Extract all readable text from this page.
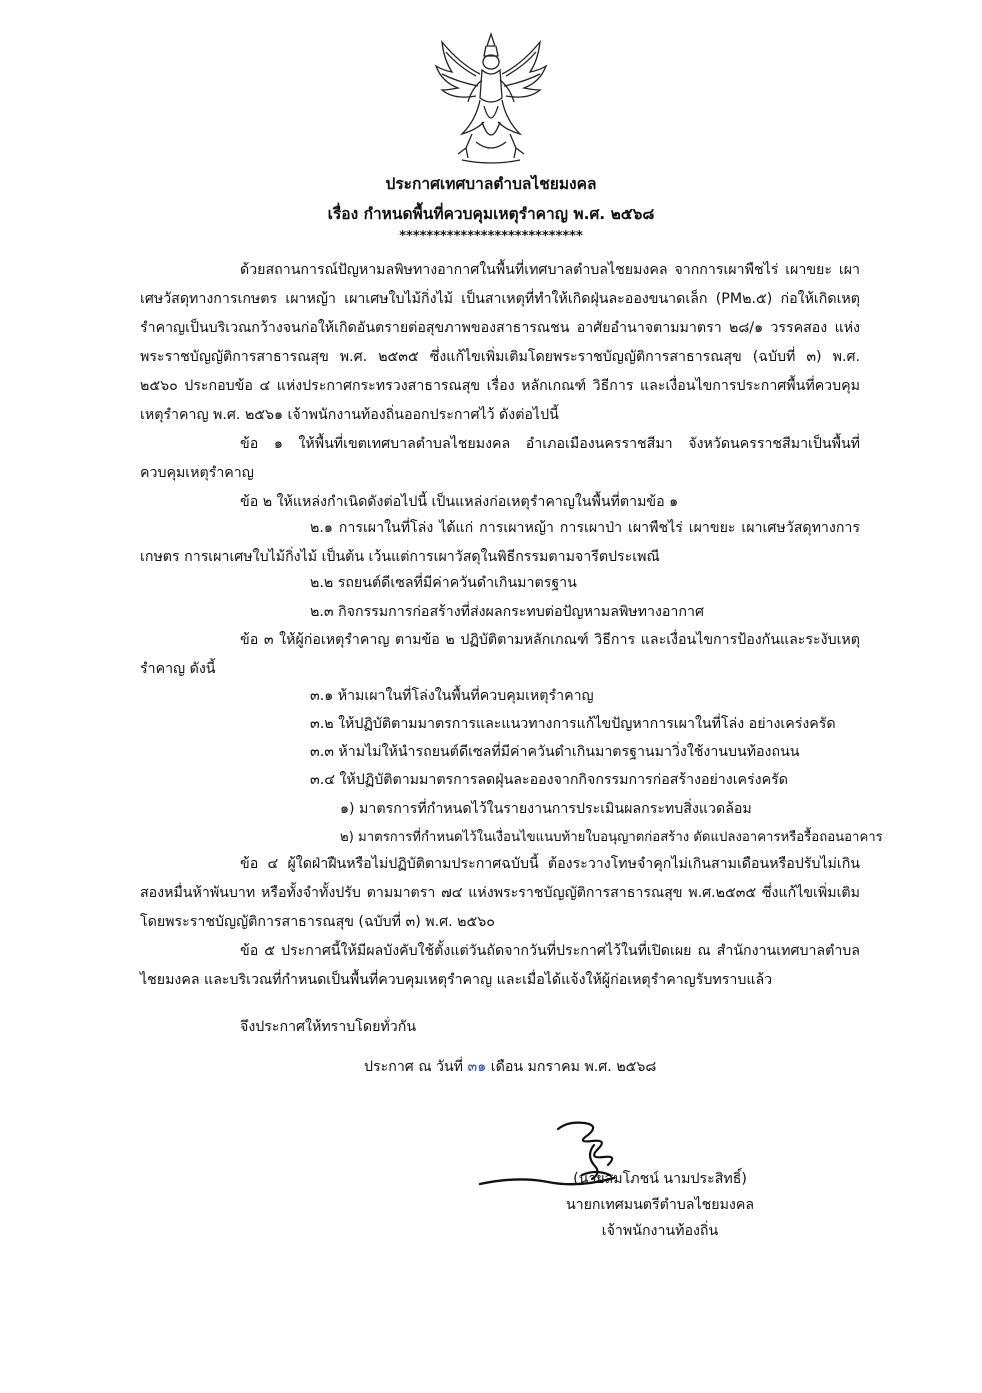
ประกาศเทศบาลตำบลไชยมงคล
เรื่อง กำหนดพื้นที่ควบคุมเหตุรำคาญ พ.ศ. ๒๕๖๘
***************************

ด้วยสถานการณ์ปัญหามลพิษทางอากาศในพื้นที่เทศบาลตำบลไชยมงคล จากการเผาพืชไร่ เผาขยะ เผาเศษวัสดุทางการเกษตร เผาหญ้า เผาเศษใบไม้กิ่งไม้ เป็นสาเหตุที่ทำให้เกิดฝุ่นละอองขนาดเล็ก (PM๒.๕) ก่อให้เกิดเหตุรำคาญเป็นบริเวณกว้างจนก่อให้เกิดอันตรายต่อสุขภาพของสาธารณชน อาศัยอำนาจตามมาตรา ๒๘/๑ วรรคสอง แห่งพระราชบัญญัติการสาธารณสุข พ.ศ. ๒๕๓๕ ซึ่งแก้ไขเพิ่มเติมโดยพระราชบัญญัติการสาธารณสุข (ฉบับที่ ๓) พ.ศ. ๒๕๖๐ ประกอบข้อ ๔ แห่งประกาศกระทรวงสาธารณสุข เรื่อง หลักเกณฑ์ วิธีการ และเงื่อนไขการประกาศพื้นที่ควบคุมเหตุรำคาญ พ.ศ. ๒๕๖๑ เจ้าพนักงานท้องถิ่นออกประกาศไว้ ดังต่อไปนี้

ข้อ ๑ ให้พื้นที่เขตเทศบาลตำบลไชยมงคล อำเภอเมืองนครราชสีมา จังหวัดนครราชสีมาเป็นพื้นที่ควบคุมเหตุรำคาญ

ข้อ ๒ ให้แหล่งกำเนิดดังต่อไปนี้ เป็นแหล่งก่อเหตุรำคาญในพื้นที่ตามข้อ ๑

๒.๑ การเผาในที่โล่ง ได้แก่ การเผาหญ้า การเผาป่า เผาพืชไร่ เผาขยะ เผาเศษวัสดุทางการเกษตร การเผาเศษใบไม้กิ่งไม้ เป็นต้น เว้นแต่การเผาวัสดุในพิธีกรรมตามจารีตประเพณี

๒.๒ รถยนต์ดีเซลที่มีค่าควันดำเกินมาตรฐาน
๒.๓ กิจกรรมการก่อสร้างที่ส่งผลกระทบต่อปัญหามลพิษทางอากาศ

ข้อ ๓ ให้ผู้ก่อเหตุรำคาญ ตามข้อ ๒ ปฏิบัติตามหลักเกณฑ์ วิธีการ และเงื่อนไขการป้องกันและระงับเหตุรำคาญ ดังนี้

๓.๑ ห้ามเผาในที่โล่งในพื้นที่ควบคุมเหตุรำคาญ
๓.๒ ให้ปฏิบัติตามมาตรการและแนวทางการแก้ไขปัญหาการเผาในที่โล่ง อย่างเคร่งครัด
๓.๓ ห้ามไม่ให้นำรถยนต์ดีเซลที่มีค่าควันดำเกินมาตรฐานมาวิ่งใช้งานบนท้องถนน
๓.๔ ให้ปฏิบัติตามมาตรการลดฝุ่นละอองจากกิจกรรมการก่อสร้างอย่างเคร่งครัด
๑) มาตรการที่กำหนดไว้ในรายงานการประเมินผลกระทบสิ่งแวดล้อม
๒) มาตรการที่กำหนดไว้ในเงื่อนไขแนบท้ายใบอนุญาตก่อสร้าง ดัดแปลงอาคารหรือรื้อถอนอาคาร

ข้อ ๔ ผู้ใดฝ่าฝืนหรือไม่ปฏิบัติตามประกาศฉบับนี้ ต้องระวางโทษจำคุกไม่เกินสามเดือนหรือปรับไม่เกินสองหมื่นห้าพันบาท หรือทั้งจำทั้งปรับ ตามมาตรา ๗๔ แห่งพระราชบัญญัติการสาธารณสุข พ.ศ.๒๕๓๕ ซึ่งแก้ไขเพิ่มเติมโดยพระราชบัญญัติการสาธารณสุข (ฉบับที่ ๓) พ.ศ. ๒๕๖๐

ข้อ ๕ ประกาศนี้ให้มีผลบังคับใช้ตั้งแต่วันถัดจากวันที่ประกาศไว้ในที่เปิดเผย ณ สำนักงานเทศบาลตำบลไชยมงคล และบริเวณที่กำหนดเป็นพื้นที่ควบคุมเหตุรำคาญ และเมื่อได้แจ้งให้ผู้ก่อเหตุรำคาญรับทราบแล้ว

จึงประกาศให้ทราบโดยทั่วกัน
ประกาศ ณ วันที่ ๓๑ เดือน มกราคม พ.ศ. ๒๕๖๘
(นายสมโภชน์ นามประสิทธิ์)
นายกเทศมนตรีตำบลไชยมงคล
เจ้าพนักงานท้องถิ่น
